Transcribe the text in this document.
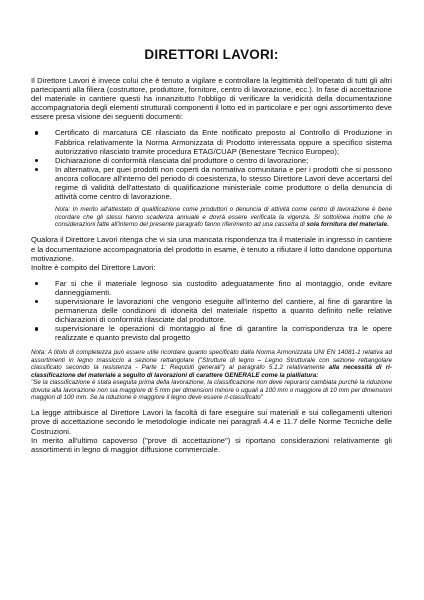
DIRETTORI LAVORI:

Il Direttore Lavori è invece colui che è tenuto a vigilare e controllare la legittimità dell'operato di tutti gli altri partecipanti alla filiera (costruttore, produttore, fornitore, centro di lavorazione, ecc.). In fase di accettazione del materiale in cantiere questi ha innanzitutto l'obbligo di verificare la veridicità della documentazione accompagnatoria degli elementi strutturali componenti il lotto ed in particolare e per ogni assortimento deve essere presa visione dei seguenti documenti:

Certificato di marcatura CE rilasciato da Ente notificato preposto al Controllo di Produzione in Fabbrica relativamente la Norma Armonizzata di Prodotto interessata oppure a specifico sistema autorizzativo rilasciato tramite procedura ETAG/CUAP (Benestare Tecnico Europeo);
Dichiarazione di conformità rilasciata dal produttore o centro di lavorazione;
In alternativa, per quei prodotti non coperti da normativa comunitaria e per i prodotti che si possono ancora collocare all'interno del periodo di coesistenza, lo stesso Direttore Lavori deve accertarsi del regime di validità dell'attestato di qualificazione ministeriale come produttore o della denuncia di attività come centro di lavorazione.

Nota: In merito all'attestato di qualificazione come produttori o denuncia di attività come centro di lavorazione è bene ricordare che gli stessi hanno scadenza annuale e dovrà essere verificata la vigenza. Si sottolinea inoltre che le considerazioni fatte all'interno del presente paragrafo fanno riferimento ad una cassetta di sola fornitura del materiale.

Qualora il Direttore Lavori ritenga che vi sia una mancata rispondenza tra il materiale in ingresso in cantiere e la documentazione accompagnatoria del prodotto in esame, è tenuto a rifiutare il lotto dandone opportuna motivazione.

Inoltre è compito del Direttore Lavori:

Far si che il materiale legnoso sia custodito adeguatamente fino al montaggio, onde evitare danneggiamenti.
supervisionare le lavorazioni che vengono eseguite all'interno del cantiere, al fine di garantire la permanenza delle condizioni di idoneità del materiale rispetto a quanto definito nelle relative dichiarazioni di conformità rilasciate dal produttore.
supervisionare le operazioni di montaggio al fine di garantire la corrispondenza tra le opere realizzate e quanto previsto dal progetto

Nota: A titolo di completezza può essere utile ricordare quanto specificato dalla Norma Armonizzata UNI EN 14081-1 relativa ad assortimenti in legno massiccio a sezione rettangolare ("Strutture di legno – Legno Strutturale con sezione rettangolare classificato secondo la resistenza - Parte 1: Requisiti generali") al paragrafo 5.1.2 relativamente alla necessità di ri-classificazione del materiale a seguito di lavorazioni di carattere GENERALE come la pialliatura:
"Se la classificazione è stata eseguita prima della lavorazione, la classificazione non deve repurarsi cambiata purché la riduzione dovuta alla lavorazione non sia maggiore di 5 mm per dimensioni minore o uguali a 100 mm o maggiore di 10 mm per dimensioni maggiori di 100 mm. Se la riduzione è maggiore il legno deve essere ri-classificato"

La legge attribuisce al Direttore Lavori la facoltà di fare eseguire sui materiali e sui collegamenti ulteriori prove di accettazione secondo le metodologie indicate nei paragrafi 4.4 e 11.7 delle Norme Tecniche delle Costruzioni.

In merito all'ultimo capoverso ("prove di accettazione") si riportano considerazioni relativamente gli assortimenti in legno di maggior diffusione commerciale.
